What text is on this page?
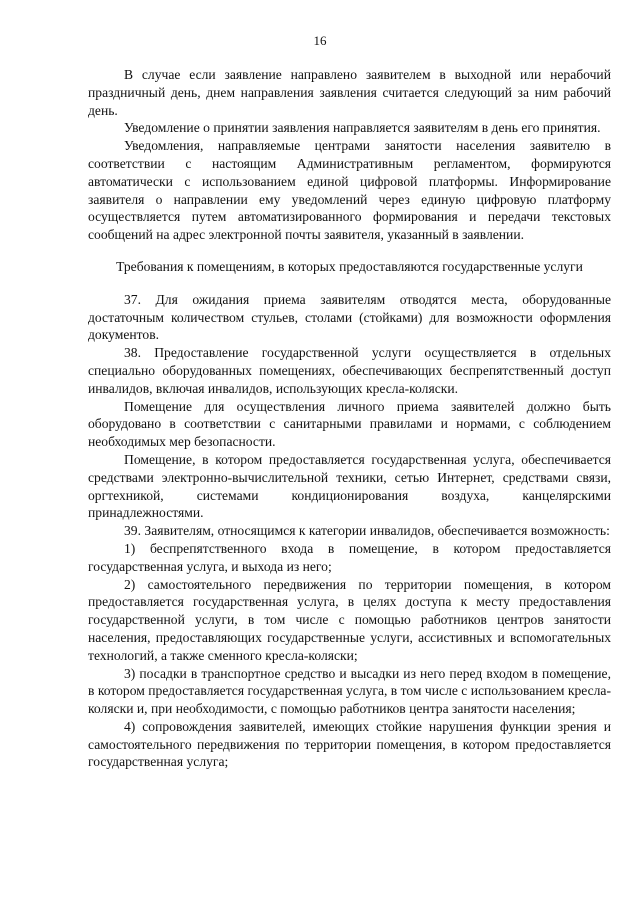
16

В случае если заявление направлено заявителем в выходной или нерабочий праздничный день, днем направления заявления считается следующий за ним рабочий день.

Уведомление о принятии заявления направляется заявителям в день его принятия.

Уведомления, направляемые центрами занятости населения заявителю в соответствии с настоящим Административным регламентом, формируются автоматически с использованием единой цифровой платформы. Информирование заявителя о направлении ему уведомлений через единую цифровую платформу осуществляется путем автоматизированного формирования и передачи текстовых сообщений на адрес электронной почты заявителя, указанный в заявлении.

Требования к помещениям, в которых предоставляются государственные услуги

37. Для ожидания приема заявителям отводятся места, оборудованные достаточным количеством стульев, столами (стойками) для возможности оформления документов.

38. Предоставление государственной услуги осуществляется в отдельных специально оборудованных помещениях, обеспечивающих беспрепятственный доступ инвалидов, включая инвалидов, использующих кресла-коляски.

Помещение для осуществления личного приема заявителей должно быть оборудовано в соответствии с санитарными правилами и нормами, с соблюдением необходимых мер безопасности.

Помещение, в котором предоставляется государственная услуга, обеспечивается средствами электронно-вычислительной техники, сетью Интернет, средствами связи, оргтехникой, системами кондиционирования воздуха, канцелярскими принадлежностями.

39. Заявителям, относящимся к категории инвалидов, обеспечивается возможность:

1) беспрепятственного входа в помещение, в котором предоставляется государственная услуга, и выхода из него;

2) самостоятельного передвижения по территории помещения, в котором предоставляется государственная услуга, в целях доступа к месту предоставления государственной услуги, в том числе с помощью работников центров занятости населения, предоставляющих государственные услуги, ассистивных и вспомогательных технологий, а также сменного кресла-коляски;

3) посадки в транспортное средство и высадки из него перед входом в помещение, в котором предоставляется государственная услуга, в том числе с использованием кресла-коляски и, при необходимости, с помощью работников центра занятости населения;

4) сопровождения заявителей, имеющих стойкие нарушения функции зрения и самостоятельного передвижения по территории помещения, в котором предоставляется государственная услуга;
